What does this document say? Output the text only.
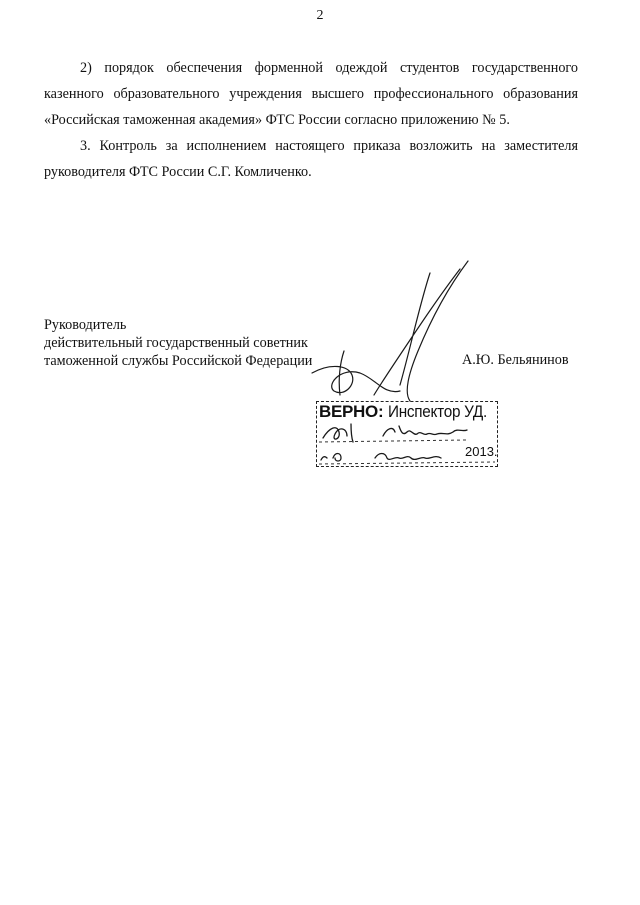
2

2) порядок обеспечения форменной одеждой студентов государственного казенного образовательного учреждения высшего профессионального образования «Российская таможенная академия» ФТС России согласно приложению № 5.

3. Контроль за исполнением настоящего приказа возложить на заместителя руководителя ФТС России С.Г. Комличенко.

Руководитель
действительный государственный советник
таможенной службы Российской Федерации	А.Ю. Бельянинов
ВЕРНО: Инспектор УД.
2013.
